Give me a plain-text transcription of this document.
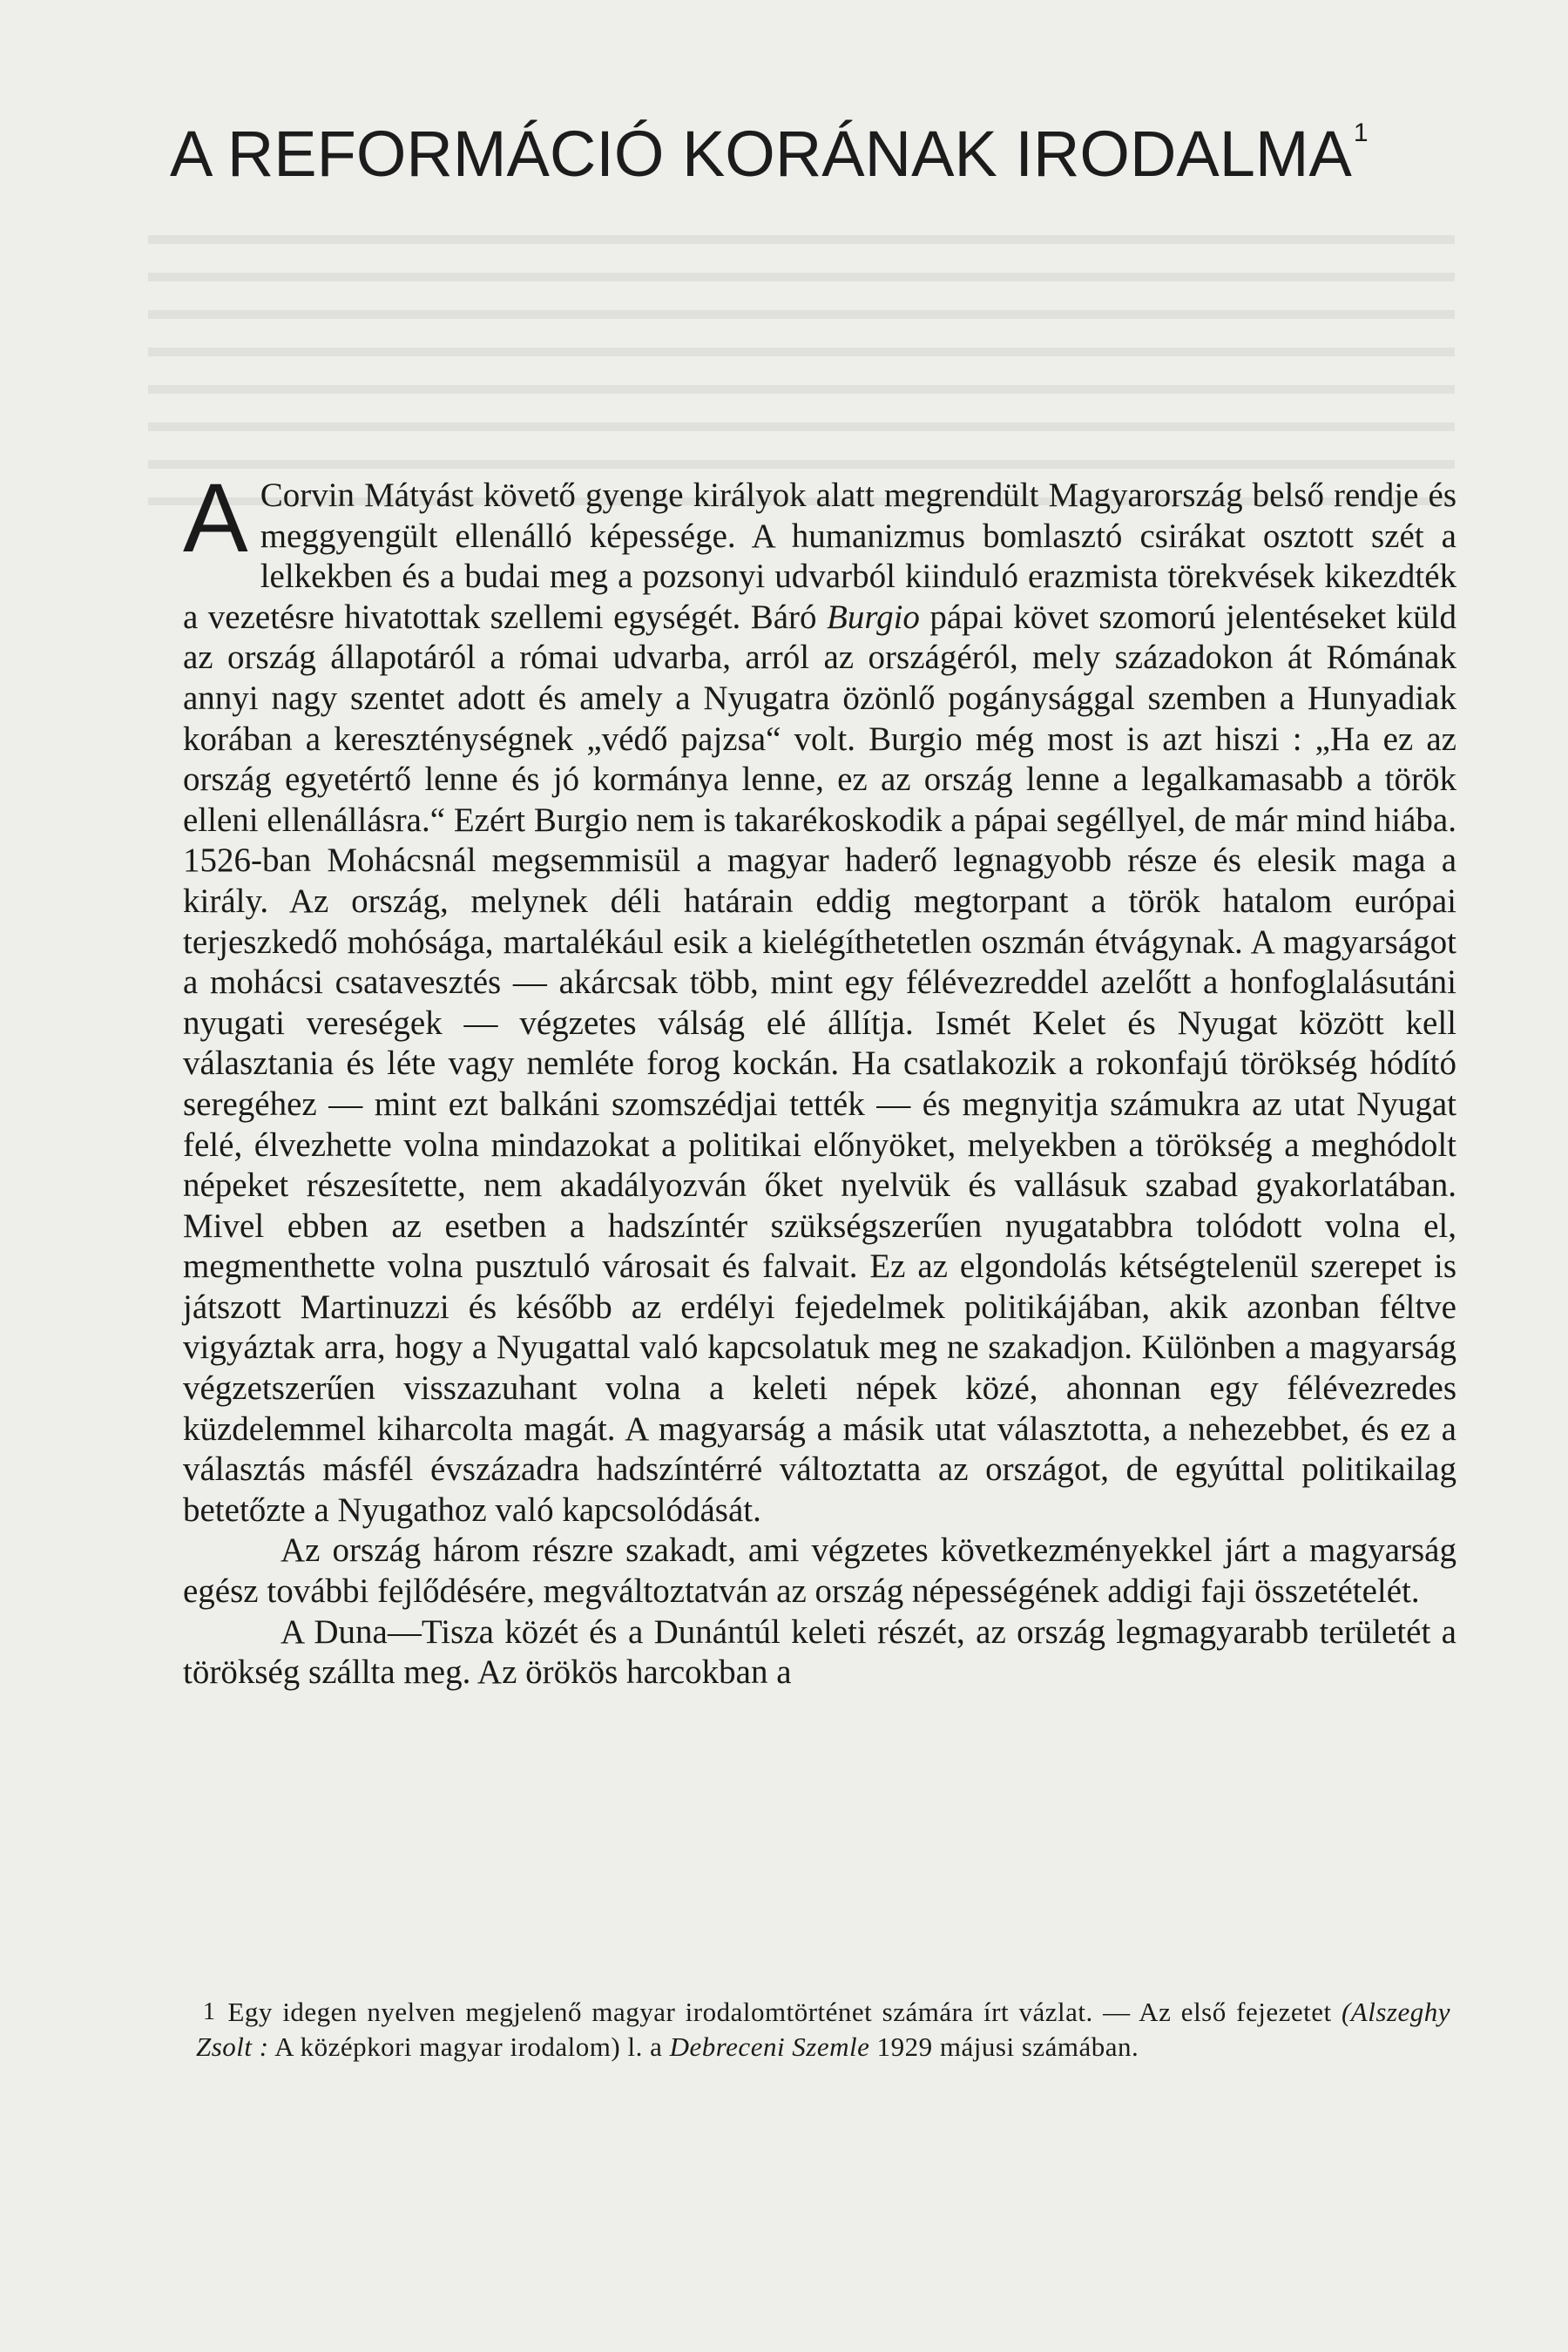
A REFORMÁCIÓ KORÁNAK IRODALMA$^1$

A Corvin Mátyást követő gyenge királyok alatt megrendült Magyarország belső rendje és meggyengült ellenálló képessége. A humanizmus bomlasztó csirákat osztott szét a lelkekben és a budai meg a pozsonyi udvarból kiinduló erazmista törekvések kikezdték a vezetésre hivatottak szellemi egységét. Báró Burgio pápai követ szomorú jelentéseket küld az ország állapotáról a római udvarba, arról az országéról, mely századokon át Rómának annyi nagy szentet adott és amely a Nyugatra özönlő pogánysággal szemben a Hunyadiak korában a kereszténységnek „védő pajzsa“ volt. Burgio még most is azt hiszi : „Ha ez az ország egyetértő lenne és jó kormánya lenne, ez az ország lenne a legalkamasabb a török elleni ellenállásra.“ Ezért Burgio nem is takarékoskodik a pápai segéllyel, de már mind hiába. 1526-ban Mohácsnál megsemmisül a magyar haderő legnagyobb része és elesik maga a király. Az ország, melynek déli határain eddig megtorpant a török hatalom európai terjeszkedő mohósága, martalékául esik a kielégíthetetlen oszmán étvágynak. A magyarságot a mohácsi csatavesztés — akárcsak több, mint egy félévezreddel azelőtt a honfoglalásutáni nyugati vereségek — végzetes válság elé állítja. Ismét Kelet és Nyugat között kell választania és léte vagy nemléte forog kockán. Ha csatlakozik a rokonfajú törökség hódító seregéhez — mint ezt balkáni szomszédjai tették — és megnyitja számukra az utat Nyugat felé, élvezhette volna mindazokat a politikai előnyöket, melyekben a törökség a meghódolt népeket részesítette, nem akadályozván őket nyelvük és vallásuk szabad gyakorlatában. Mivel ebben az esetben a hadszíntér szükségszerűen nyugatabbra tolódott volna el, megmenthette volna pusztuló városait és falvait. Ez az elgondolás kétségtelenül szerepet is játszott Martinuzzi és később az erdélyi fejedelmek politikájában, akik azonban féltve vigyáztak arra, hogy a Nyugattal való kapcsolatuk meg ne szakadjon. Különben a magyarság végzetszerűen visszazuhant volna a keleti népek közé, ahonnan egy félévezredes küzdelemmel kiharcolta magát. A magyarság a másik utat választotta, a nehezebbet, és ez a választás másfél évszázadra hadszíntérré változtatta az országot, de egyúttal politikailag betetőzte a Nyugathoz való kapcsolódását.

Az ország három részre szakadt, ami végzetes következményekkel járt a magyarság egész további fejlődésére, megváltoztatván az ország népességének addigi faji összetételét.

A Duna—Tisza közét és a Dunántúl keleti részét, az ország legmagyarabb területét a törökség szállta meg. Az örökös harcokban a

1 Egy idegen nyelven megjelenő magyar irodalomtörténet számára írt vázlat. — Az első fejezetet (Alszeghy Zsolt : A középkori magyar irodalom) l. a Debreceni Szemle 1929 májusi számában.
